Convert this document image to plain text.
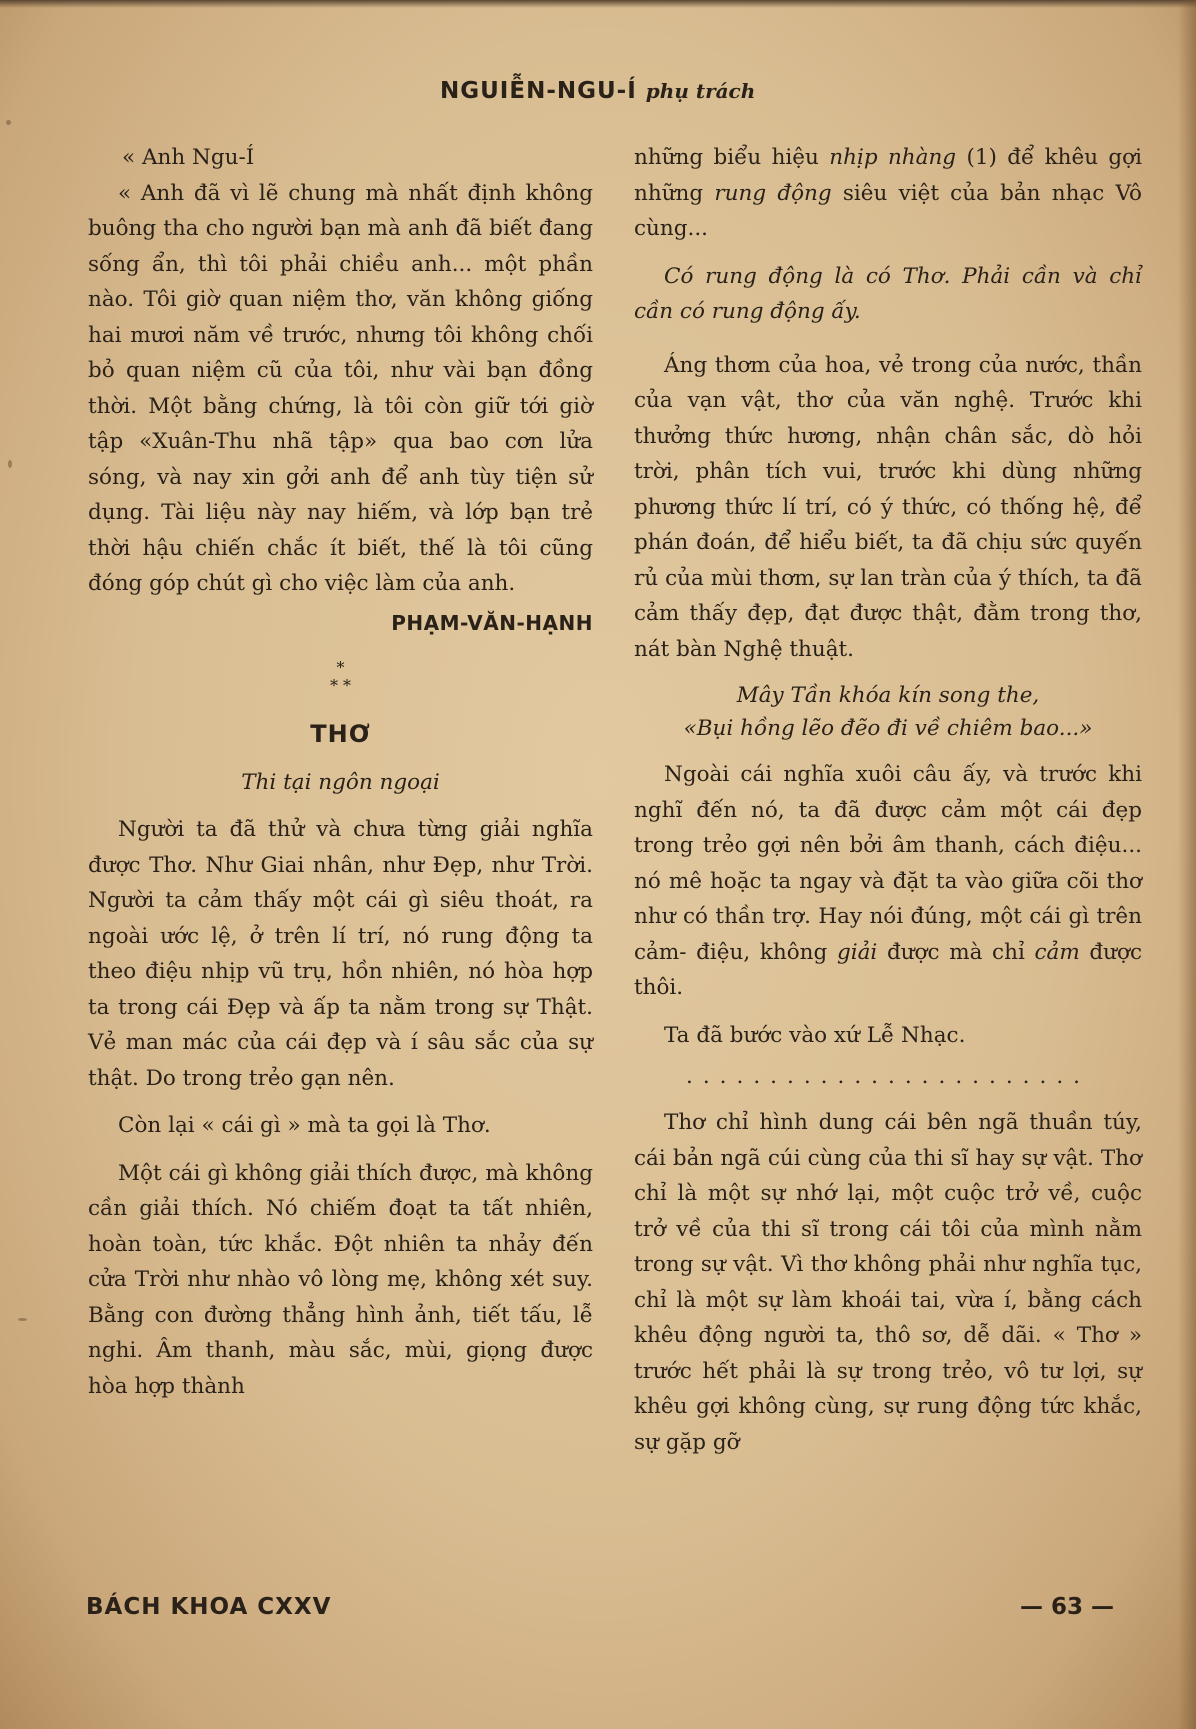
NGUIỄN-NGU-Í phụ trách

« Anh Ngu-Í

« Anh đã vì lẽ chung mà nhất định không buông tha cho người bạn mà anh đã biết đang sống ẩn, thì tôi phải chiều anh... một phần nào. Tôi giờ quan niệm thơ, văn không giống hai mươi năm về trước, nhưng tôi không chối bỏ quan niệm cũ của tôi, như vài bạn đồng thời. Một bằng chứng, là tôi còn giữ tới giờ tập «Xuân-Thu nhã tập» qua bao cơn lửa sóng, và nay xin gởi anh để anh tùy tiện sử dụng. Tài liệu này nay hiếm, và lớp bạn trẻ thời hậu chiến chắc ít biết, thế là tôi cũng đóng góp chút gì cho việc làm của anh.

PHẠM-VĂN-HẠNH

*
* *

THƠ

Thi tại ngôn ngoại

Người ta đã thử và chưa từng giải nghĩa được Thơ. Như Giai nhân, như Đẹp, như Trời. Người ta cảm thấy một cái gì siêu thoát, ra ngoài ước lệ, ở trên lí trí, nó rung động ta theo điệu nhịp vũ trụ, hồn nhiên, nó hòa hợp ta trong cái Đẹp và ấp ta nằm trong sự Thật. Vẻ man mác của cái đẹp và í sâu sắc của sự thật. Do trong trẻo gạn nên.

Còn lại « cái gì » mà ta gọi là Thơ.

Một cái gì không giải thích được, mà không cần giải thích. Nó chiếm đoạt ta tất nhiên, hoàn toàn, tức khắc. Đột nhiên ta nhảy đến cửa Trời như nhào vô lòng mẹ, không xét suy. Bằng con đường thẳng hình ảnh, tiết tấu, lễ nghi. Âm thanh, màu sắc, mùi, giọng được hòa hợp thành

những biểu hiệu nhịp nhàng (1) để khêu gợi những rung động siêu việt của bản nhạc Vô cùng...

Có rung động là có Thơ. Phải cần và chỉ cần có rung động ấy.

Áng thơm của hoa, vẻ trong của nước, thần của vạn vật, thơ của văn nghệ. Trước khi thưởng thức hương, nhận chân sắc, dò hỏi trời, phân tích vui, trước khi dùng những phương thức lí trí, có ý thức, có thống hệ, để phán đoán, để hiểu biết, ta đã chịu sức quyến rủ của mùi thơm, sự lan tràn của ý thích, ta đã cảm thấy đẹp, đạt được thật, đằm trong thơ, nát bàn Nghệ thuật.

Mây Tần khóa kín song the,

«Bụi hồng lẽo đẽo đi về chiêm bao...»

Ngoài cái nghĩa xuôi câu ấy, và trước khi nghĩ đến nó, ta đã được cảm một cái đẹp trong trẻo gợi nên bởi âm thanh, cách điệu... nó mê hoặc ta ngay và đặt ta vào giữa cõi thơ như có thần trợ. Hay nói đúng, một cái gì trên cảm- điệu, không giải được mà chỉ cảm được thôi.

Ta đã bước vào xứ Lễ Nhạc.

........................

Thơ chỉ hình dung cái bên ngã thuần túy, cái bản ngã cúi cùng của thi sĩ hay sự vật. Thơ chỉ là một sự nhớ lại, một cuộc trở về, cuộc trở về của thi sĩ trong cái tôi của mình nằm trong sự vật. Vì thơ không phải như nghĩa tục, chỉ là một sự làm khoái tai, vừa í, bằng cách khêu động người ta, thô sơ, dễ dãi. « Thơ » trước hết phải là sự trong trẻo, vô tư lợi, sự khêu gợi không cùng, sự rung động tức khắc, sự gặp gỡ

BÁCH KHOA CXXV	— 63 —
